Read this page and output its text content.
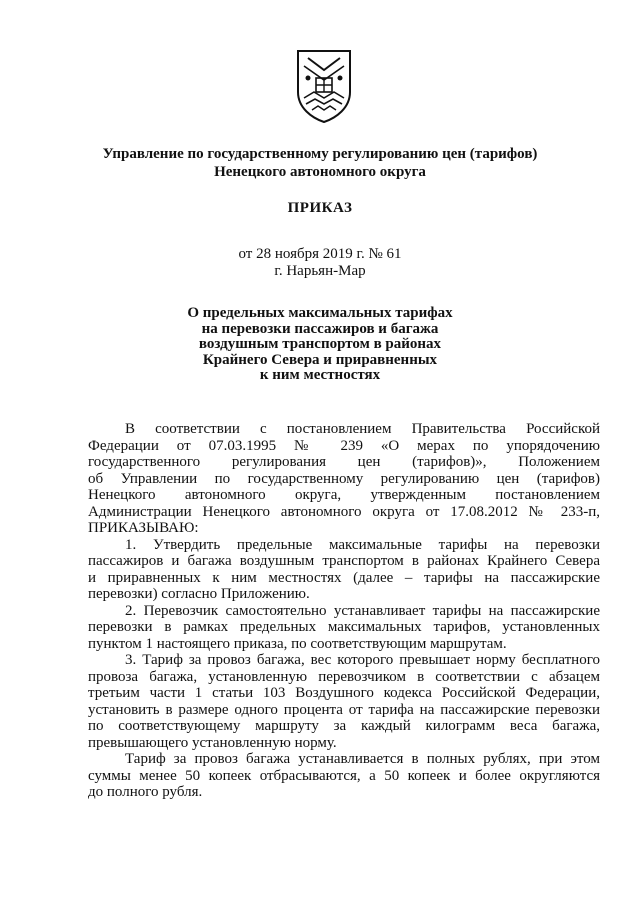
Управление по государственному регулированию цен (тарифов)
Ненецкого автономного округа
ПРИКАЗ
от 28 ноября 2019 г. № 61
г. Нарьян-Мар
О предельных максимальных тарифах
на перевозки пассажиров и багажа
воздушным транспортом в районах
Крайнего Севера и приравненных
к ним местностях
В соответствии с постановлением Правительства Российской
Федерации от 07.03.1995 № 239 «О мерах по упорядочению
государственного регулирования цен (тарифов)», Положением
об Управлении по государственному регулированию цен (тарифов)
Ненецкого автономного округа, утвержденным постановлением
Администрации Ненецкого автономного округа от 17.08.2012 № 233-п,
ПРИКАЗЫВАЮ:
1. Утвердить предельные максимальные тарифы на перевозки
пассажиров и багажа воздушным транспортом в районах Крайнего Севера
и приравненных к ним местностях (далее – тарифы на пассажирские
перевозки) согласно Приложению.
2. Перевозчик самостоятельно устанавливает тарифы на пассажирские
перевозки в рамках предельных максимальных тарифов, установленных
пунктом 1 настоящего приказа, по соответствующим маршрутам.
3. Тариф за провоз багажа, вес которого превышает норму бесплатного
провоза багажа, установленную перевозчиком в соответствии с абзацем
третьим части 1 статьи 103 Воздушного кодекса Российской Федерации,
установить в размере одного процента от тарифа на пассажирские перевозки
по соответствующему маршруту за каждый килограмм веса багажа,
превышающего установленную норму.
Тариф за провоз багажа устанавливается в полных рублях, при этом
суммы менее 50 копеек отбрасываются, а 50 копеек и более округляются
до полного рубля.
